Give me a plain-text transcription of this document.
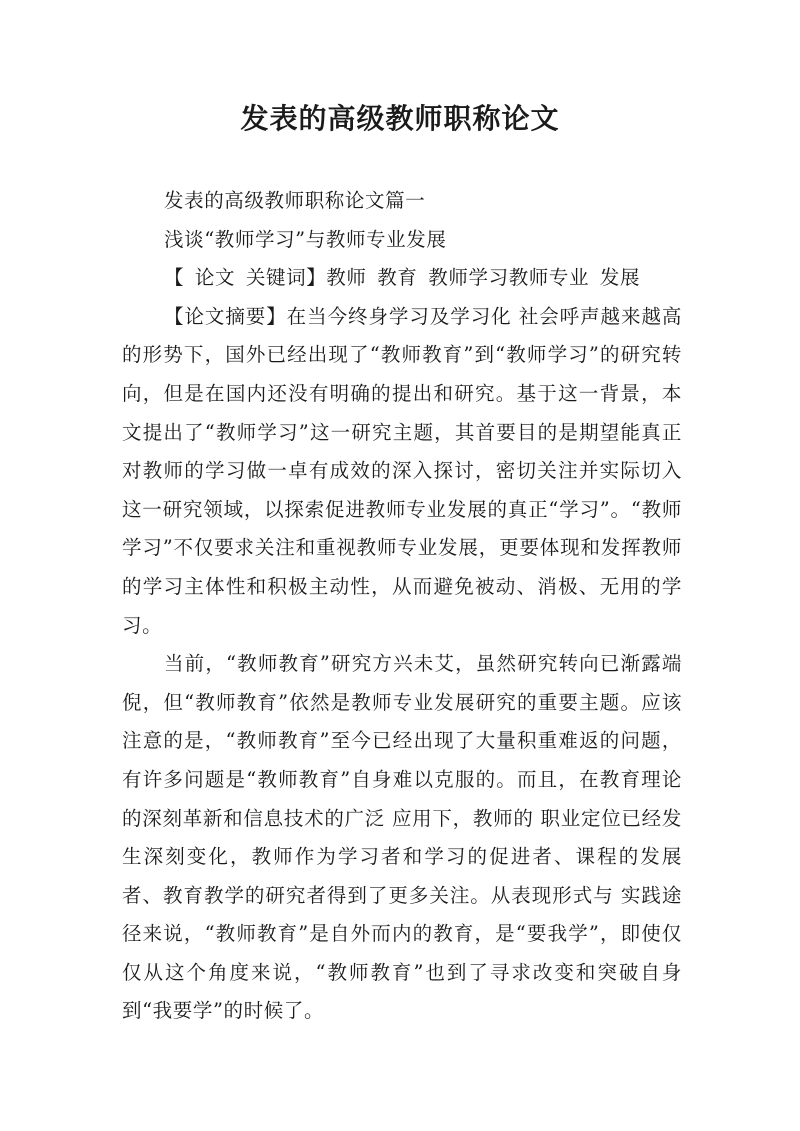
发表的高级教师职称论文

发表的高级教师职称论文篇一

浅谈“教师学习”与教师专业发展

【 论文 关键词】教师 教育 教师学习教师专业 发展

【论文摘要】在当今终身学习及学习化 社会呼声越来越高的形势下，国外已经出现了“教师教育”到“教师学习”的研究转向，但是在国内还没有明确的提出和研究。基于这一背景，本文提出了“教师学习”这一研究主题，其首要目的是期望能真正对教师的学习做一卓有成效的深入探讨，密切关注并实际切入这一研究领域，以探索促进教师专业发展的真正“学习”。“教师学习”不仅要求关注和重视教师专业发展，更要体现和发挥教师的学习主体性和积极主动性，从而避免被动、消极、无用的学习。

当前，“教师教育”研究方兴未艾，虽然研究转向已渐露端倪，但“教师教育”依然是教师专业发展研究的重要主题。应该注意的是，“教师教育”至今已经出现了大量积重难返的问题，有许多问题是“教师教育”自身难以克服的。而且，在教育理论的深刻革新和信息技术的广泛 应用下，教师的 职业定位已经发生深刻变化，教师作为学习者和学习的促进者、课程的发展者、教育教学的研究者得到了更多关注。从表现形式与 实践途径来说，“教师教育”是自外而内的教育，是“要我学”，即使仅仅从这个角度来说，“教师教育”也到了寻求改变和突破自身到“我要学”的时候了。
